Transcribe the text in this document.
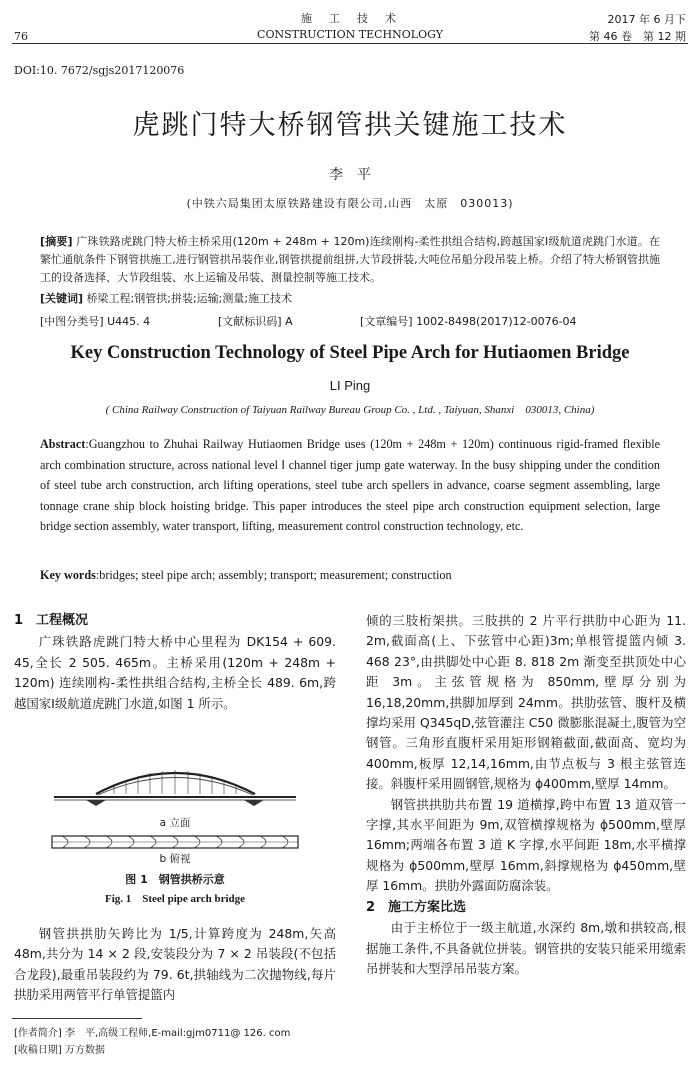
76
施　工　技　术
CONSTRUCTION TECHNOLOGY
2017 年 6 月下
第 46 卷　第 12 期
DOI:10. 7672/sgjs2017120076
虎跳门特大桥钢管拱关键施工技术
李　平
(中铁六局集团太原铁路建设有限公司,山西　太原　030013)
[摘要] 广珠铁路虎跳门特大桥主桥采用(120m + 248m + 120m)连续刚构-柔性拱组合结构,跨越国家Ⅰ级航道虎跳门水道。在繁忙通航条件下钢管拱施工,进行钢管拱吊装作业,钢管拱提前组拼,大节段拼装,大吨位吊船分段吊装上桥。介绍了特大桥钢管拱施工的设备选择、大节段组装、水上运输及吊装、测量控制等施工技术。
[关键词] 桥梁工程;钢管拱;拼装;运输;测量;施工技术
[中图分类号] U445. 4	[文献标识码] A	[文章编号] 1002-8498(2017)12-0076-04
Key Construction Technology of Steel Pipe Arch for Hutiaomen Bridge
LI Ping
( China Railway Construction of Taiyuan Railway Bureau Group Co. , Ltd. , Taiyuan, Shanxi　030013, China)
Abstract:Guangzhou to Zhuhai Railway Hutiaomen Bridge uses (120m + 248m + 120m) continuous rigid-framed flexible arch combination structure, across national level Ⅰ channel tiger jump gate waterway. In the busy shipping under the condition of steel tube arch construction, arch lifting operations, steel tube arch spellers in advance, coarse segment assembling, large tonnage crane ship block hoisting bridge. This paper introduces the steel pipe arch construction equipment selection, large bridge section assembly, water transport, lifting, measurement control construction technology, etc.
Key words:bridges; steel pipe arch; assembly; transport; measurement; construction
1　工程概况

广珠铁路虎跳门特大桥中心里程为 DK154 + 609. 45,全长 2 505. 465m。主桥采用(120m + 248m + 120m) 连续刚构-柔性拱组合结构,主桥全长 489. 6m,跨越国家Ⅰ级航道虎跳门水道,如图 1 所示。

a 立面
b 俯视
图 1　钢管拱桥示意
Fig. 1　Steel pipe arch bridge

钢管拱拱肋矢跨比为 1/5,计算跨度为 248m,矢高 48m,共分为 14 × 2 段,安装段分为 7 × 2 吊装段(不包括合龙段),最重吊装段约为 79. 6t,拱轴线为二次抛物线,每片拱肋采用两管平行单管提篮内

[作者简介] 李　平,高级工程师,E-mail:gjm0711@ 126. com
[收稿日期] 万方数据

倾的三肢桁架拱。三肢拱的 2 片平行拱肋中心距为 11. 2m,截面高(上、下弦管中心距)3m;单根管提篮内倾 3. 468 23°,由拱脚处中心距 8. 818 2m 渐变至拱顶处中心距 3m。主弦管规格为 850mm,壁厚分别为 16,18,20mm,拱脚加厚到 24mm。拱肋弦管、腹杆及横撑均采用 Q345qD,弦管灌注 C50 微膨胀混凝土,腹管为空钢管。三角形直腹杆采用矩形钢箱截面,截面高、宽均为 400mm,板厚 12,14,16mm,由节点板与 3 根主弦管连接。斜腹杆采用圆钢管,规格为 ϕ400mm,壁厚 14mm。

钢管拱拱肋共布置 19 道横撑,跨中布置 13 道双管一字撑,其水平间距为 9m,双管横撑规格为 ϕ500mm,壁厚 16mm;两端各布置 3 道 K 字撑,水平间距 18m,水平横撑规格为 ϕ500mm,壁厚 16mm,斜撑规格为 ϕ450mm,壁厚 16mm。拱肋外露面防腐涂装。

2　施工方案比选

由于主桥位于一级主航道,水深约 8m,墩和拱较高,根据施工条件,不具备就位拼装。钢管拱的安装只能采用缆索吊拼装和大型浮吊吊装方案。
